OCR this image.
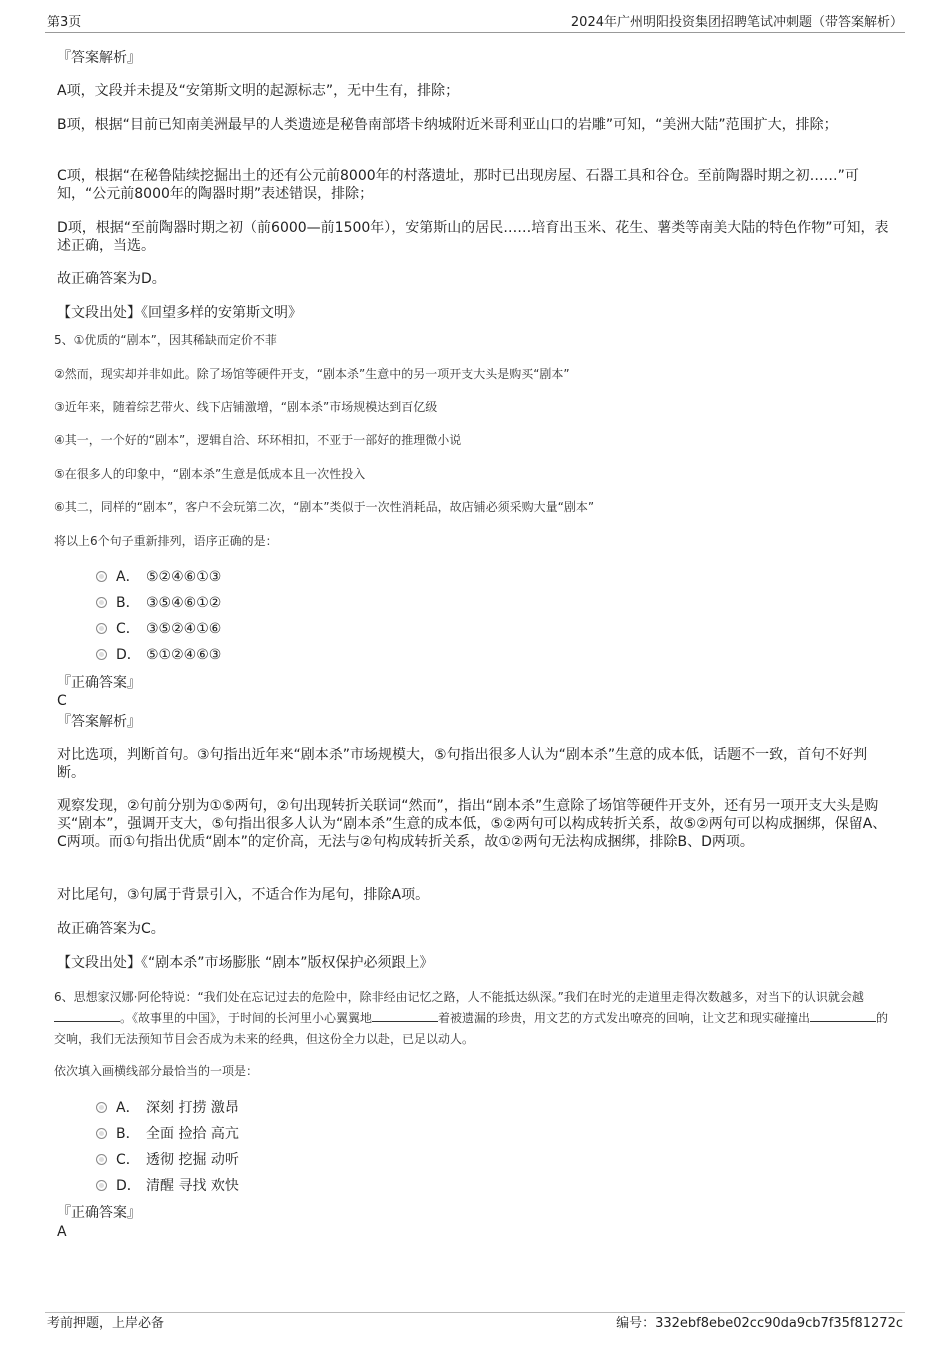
第3页	2024年广州明阳投资集团招聘笔试冲刺题（带答案解析）
『答案解析』
A项，文段并未提及“安第斯文明的起源标志”，无中生有，排除；
B项，根据“目前已知南美洲最早的人类遗迹是秘鲁南部塔卡纳城附近米哥利亚山口的岩雕”可知，“美洲大陆”范围扩大，排除；
C项，根据“在秘鲁陆续挖掘出土的还有公元前8000年的村落遗址，那时已出现房屋、石器工具和谷仓。至前陶器时期之初……”可知，“公元前8000年的陶器时期”表述错误，排除；
D项，根据“至前陶器时期之初（前6000—前1500年），安第斯山的居民……培育出玉米、花生、薯类等南美大陆的特色作物”可知，表述正确，当选。
故正确答案为D。
【文段出处】《回望多样的安第斯文明》
5、①优质的“剧本”，因其稀缺而定价不菲
②然而，现实却并非如此。除了场馆等硬件开支，“剧本杀”生意中的另一项开支大头是购买“剧本”
③近年来，随着综艺带火、线下店铺激增，“剧本杀”市场规模达到百亿级
④其一，一个好的“剧本”，逻辑自洽、环环相扣，不亚于一部好的推理微小说
⑤在很多人的印象中，“剧本杀”生意是低成本且一次性投入
⑥其二，同样的“剧本”，客户不会玩第二次，“剧本”类似于一次性消耗品，故店铺必须采购大量“剧本”
将以上6个句子重新排列，语序正确的是：
A． ⑤②④⑥①③
B． ③⑤④⑥①②
C． ③⑤②④①⑥
D． ⑤①②④⑥③
『正确答案』
C
『答案解析』
对比选项，判断首句。③句指出近年来“剧本杀”市场规模大，⑤句指出很多人认为“剧本杀”生意的成本低，话题不一致，首句不好判断。
观察发现，②句前分别为①⑤两句，②句出现转折关联词“然而”，指出“剧本杀”生意除了场馆等硬件开支外，还有另一项开支大头是购买“剧本”，强调开支大，⑤句指出很多人认为“剧本杀”生意的成本低，⑤②两句可以构成转折关系，故⑤②两句可以构成捆绑，保留A、C两项。而①句指出优质“剧本”的定价高，无法与②句构成转折关系，故①②两句无法构成捆绑，排除B、D两项。
对比尾句，③句属于背景引入，不适合作为尾句，排除A项。
故正确答案为C。
【文段出处】《“剧本杀”市场膨胀 “剧本”版权保护必须跟上》
6、思想家汉娜·阿伦特说：“我们处在忘记过去的危险中，除非经由记忆之路，人不能抵达纵深。”我们在时光的走道里走得次数越多，对当下的认识就会越。《故事里的中国》，于时间的长河里小心翼翼地	着被遗漏的珍贵，用文艺的方式发出嘹亮的回响，让文艺和现实碰撞出	的交响，我们无法预知节目会否成为未来的经典，但这份全力以赴，已足以动人。
依次填入画横线部分最恰当的一项是：
A． 深刻 打捞 激昂
B． 全面 捡拾 高亢
C． 透彻 挖掘 动听
D． 清醒 寻找 欢快
『正确答案』
A
考前押题，上岸必备	编号：332ebf8ebe02cc90da9cb7f35f81272c
